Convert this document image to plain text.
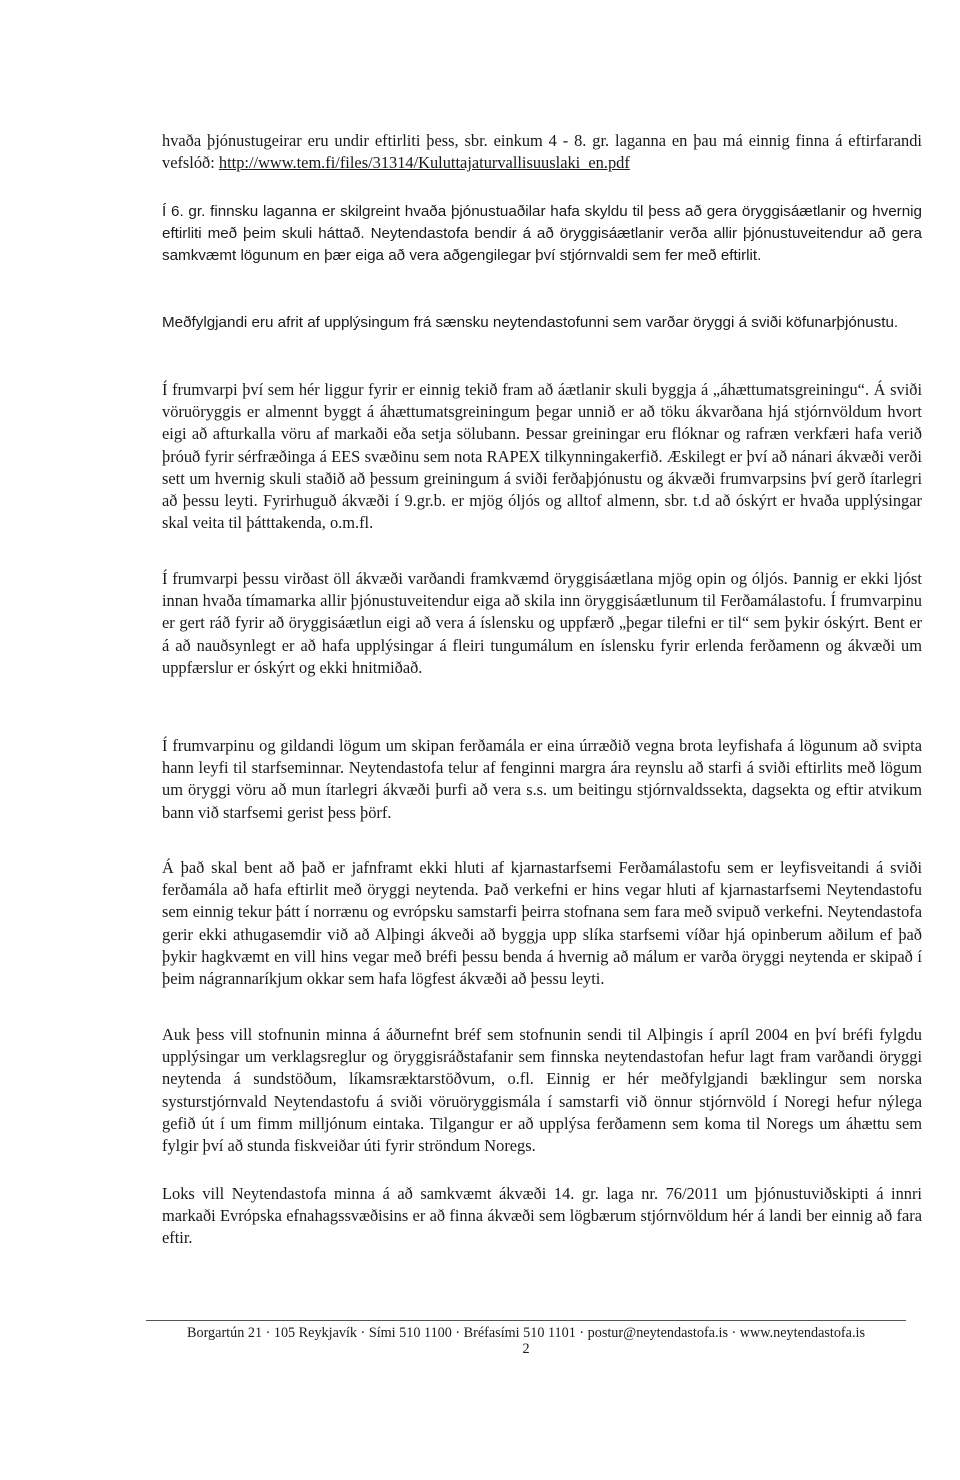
hvaða þjónustugeirar eru undir eftirliti þess, sbr. einkum 4 - 8. gr. laganna en þau má einnig finna á eftirfarandi vefslóð: http://www.tem.fi/files/31314/Kuluttajaturvallisuuslaki_en.pdf

Í 6. gr. finnsku laganna er skilgreint hvaða þjónustuaðilar hafa skyldu til þess að gera öryggisáætlanir og hvernig eftirliti með þeim skuli háttað. Neytendastofa bendir á að öryggisáætlanir verða allir þjónustuveitendur að gera samkvæmt lögunum en þær eiga að vera aðgengilegar því stjórnvaldi sem fer með eftirlit.

Meðfylgjandi eru afrit af upplýsingum frá sænsku neytendastofunni sem varðar öryggi á sviði köfunarþjónustu.

Í frumvarpi því sem hér liggur fyrir er einnig tekið fram að áætlanir skuli byggja á „áhættumatsgreiningu“. Á sviði vöruöryggis er almennt byggt á áhættumatsgreiningum þegar unnið er að töku ákvarðana hjá stjórnvöldum hvort eigi að afturkalla vöru af markaði eða setja sölubann. Þessar greiningar eru flóknar og rafræn verkfæri hafa verið þróuð fyrir sérfræðinga á EES svæðinu sem nota RAPEX tilkynningakerfið. Æskilegt er því að nánari ákvæði verði sett um hvernig skuli staðið að þessum greiningum á sviði ferðaþjónustu og ákvæði frumvarpsins því gerð ítarlegri að þessu leyti. Fyrirhuguð ákvæði í 9.gr.b. er mjög óljós og alltof almenn, sbr. t.d að óskýrt er hvaða upplýsingar skal veita til þátttakenda, o.m.fl.

Í frumvarpi þessu virðast öll ákvæði varðandi framkvæmd öryggisáætlana mjög opin og óljós. Þannig er ekki ljóst innan hvaða tímamarka allir þjónustuveitendur eiga að skila inn öryggisáætlunum til Ferðamálastofu. Í frumvarpinu er gert ráð fyrir að öryggisáætlun eigi að vera á íslensku og uppfærð „þegar tilefni er til“ sem þykir óskýrt. Bent er á að nauðsynlegt er að hafa upplýsingar á fleiri tungumálum en íslensku fyrir erlenda ferðamenn og ákvæði um uppfærslur er óskýrt og ekki hnitmiðað.

Í frumvarpinu og gildandi lögum um skipan ferðamála er eina úrræðið vegna brota leyfishafa á lögunum að svipta hann leyfi til starfseminnar. Neytendastofa telur af fenginni margra ára reynslu að starfi á sviði eftirlits með lögum um öryggi vöru að mun ítarlegri ákvæði þurfi að vera s.s. um beitingu stjórnvaldssekta, dagsekta og eftir atvikum bann við starfsemi gerist þess þörf.

Á það skal bent að það er jafnframt ekki hluti af kjarnastarfsemi Ferðamálastofu sem er leyfisveitandi á sviði ferðamála að hafa eftirlit með öryggi neytenda. Það verkefni er hins vegar hluti af kjarnastarfsemi Neytendastofu sem einnig tekur þátt í norrænu og evrópsku samstarfi þeirra stofnana sem fara með svipuð verkefni. Neytendastofa gerir ekki athugasemdir við að Alþingi ákveði að byggja upp slíka starfsemi víðar hjá opinberum aðilum ef það þykir hagkvæmt en vill hins vegar með bréfi þessu benda á hvernig að málum er varða öryggi neytenda er skipað í þeim nágrannaríkjum okkar sem hafa lögfest ákvæði að þessu leyti.

Auk þess vill stofnunin minna á áðurnefnt bréf sem stofnunin sendi til Alþingis í apríl 2004 en því bréfi fylgdu upplýsingar um verklagsreglur og öryggisráðstafanir sem finnska neytendastofan hefur lagt fram varðandi öryggi neytenda á sundstöðum, líkamsræktarstöðvum, o.fl. Einnig er hér meðfylgjandi bæklingur sem norska systurstjórnvald Neytendastofu á sviði vöruöryggismála í samstarfi við önnur stjórnvöld í Noregi hefur nýlega gefið út í um fimm milljónum eintaka. Tilgangur er að upplýsa ferðamenn sem koma til Noregs um áhættu sem fylgir því að stunda fiskveiðar úti fyrir ströndum Noregs.

Loks vill Neytendastofa minna á að samkvæmt ákvæði 14. gr. laga nr. 76/2011 um þjónustuviðskipti á innri markaði Evrópska efnahagssvæðisins er að finna ákvæði sem lögbærum stjórnvöldum hér á landi ber einnig að fara eftir.

Borgartún 21 · 105 Reykjavík · Sími 510 1100 · Bréfasími 510 1101 · postur@neytendastofa.is · www.neytendastofa.is
2
